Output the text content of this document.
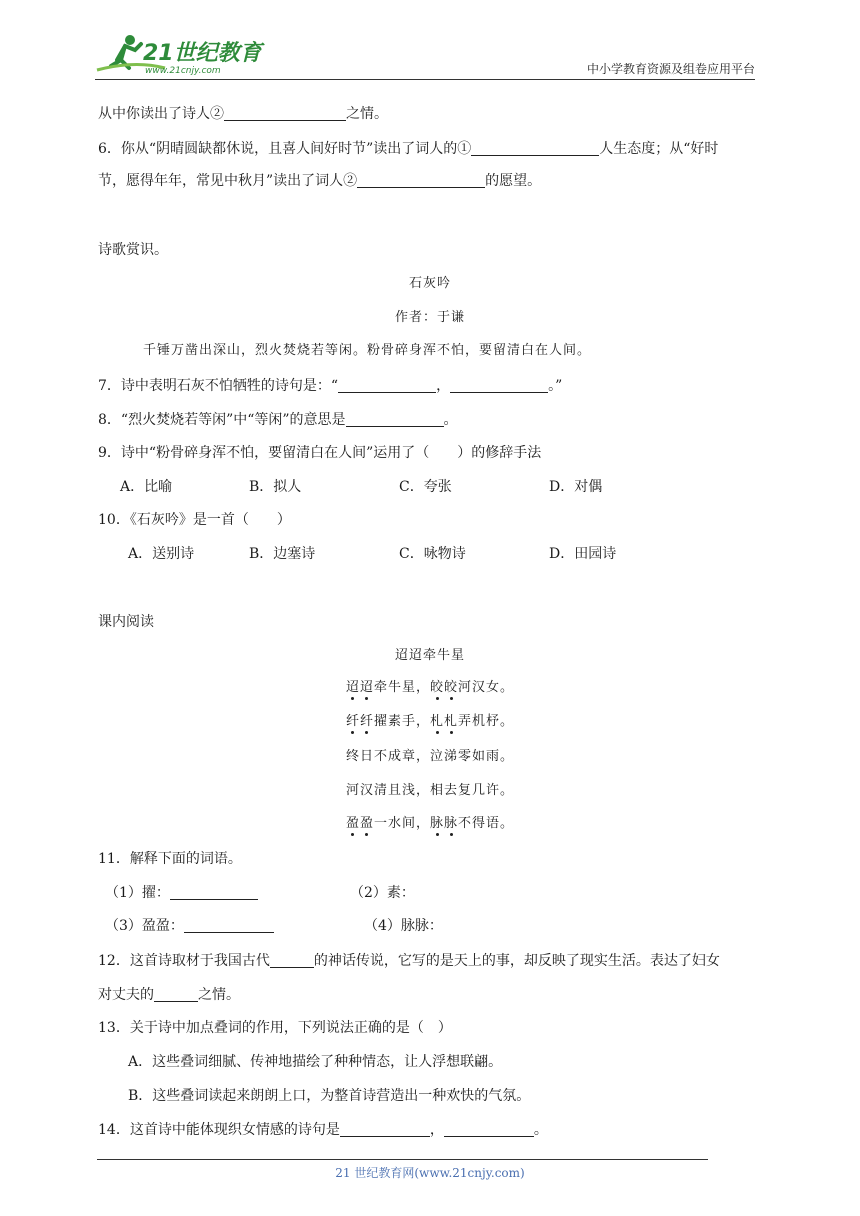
21世纪教育
www.21cnjy.com	中小学教育资源及组卷应用平台
从中你读出了诗人②	之情。
6．你从“阴晴圆缺都休说，且喜人间好时节”读出了词人的①	人生态度；从“好时
节，愿得年年，常见中秋月”读出了词人②	的愿望。
诗歌赏识。
石灰吟
作者：于谦
千锤万凿出深山，烈火焚烧若等闲。粉骨碎身浑不怕，要留清白在人间。
7．诗中表明石灰不怕牺牲的诗句是：“	，	。”
8．“烈火焚烧若等闲”中“等闲”的意思是	。
9．诗中“粉骨碎身浑不怕，要留清白在人间”运用了（　　）的修辞手法
A．比喻	B．拟人	C．夸张	D．对偶
10．《石灰吟》是一首（　　）
A．送别诗	B．边塞诗	C．咏物诗	D．田园诗
课内阅读
迢迢牵牛星
迢迢牵牛星，皎皎河汉女。
纤纤擢素手，札札弄机杼。
终日不成章，泣涕零如雨。
河汉清且浅，相去复几许。
盈盈一水间，脉脉不得语。
11．解释下面的词语。
（1）擢：	（2）素：
（3）盈盈：	（4）脉脉：
12．这首诗取材于我国古代	的神话传说，它写的是天上的事，却反映了现实生活。表达了妇女
对丈夫的	之情。
13．关于诗中加点叠词的作用，下列说法正确的是（　）
A．这些叠词细腻、传神地描绘了种种情态，让人浮想联翩。
B．这些叠词读起来朗朗上口，为整首诗营造出一种欢快的气氛。
14．这首诗中能体现织女情感的诗句是	，	。
21 世纪教育网(www.21cnjy.com)
